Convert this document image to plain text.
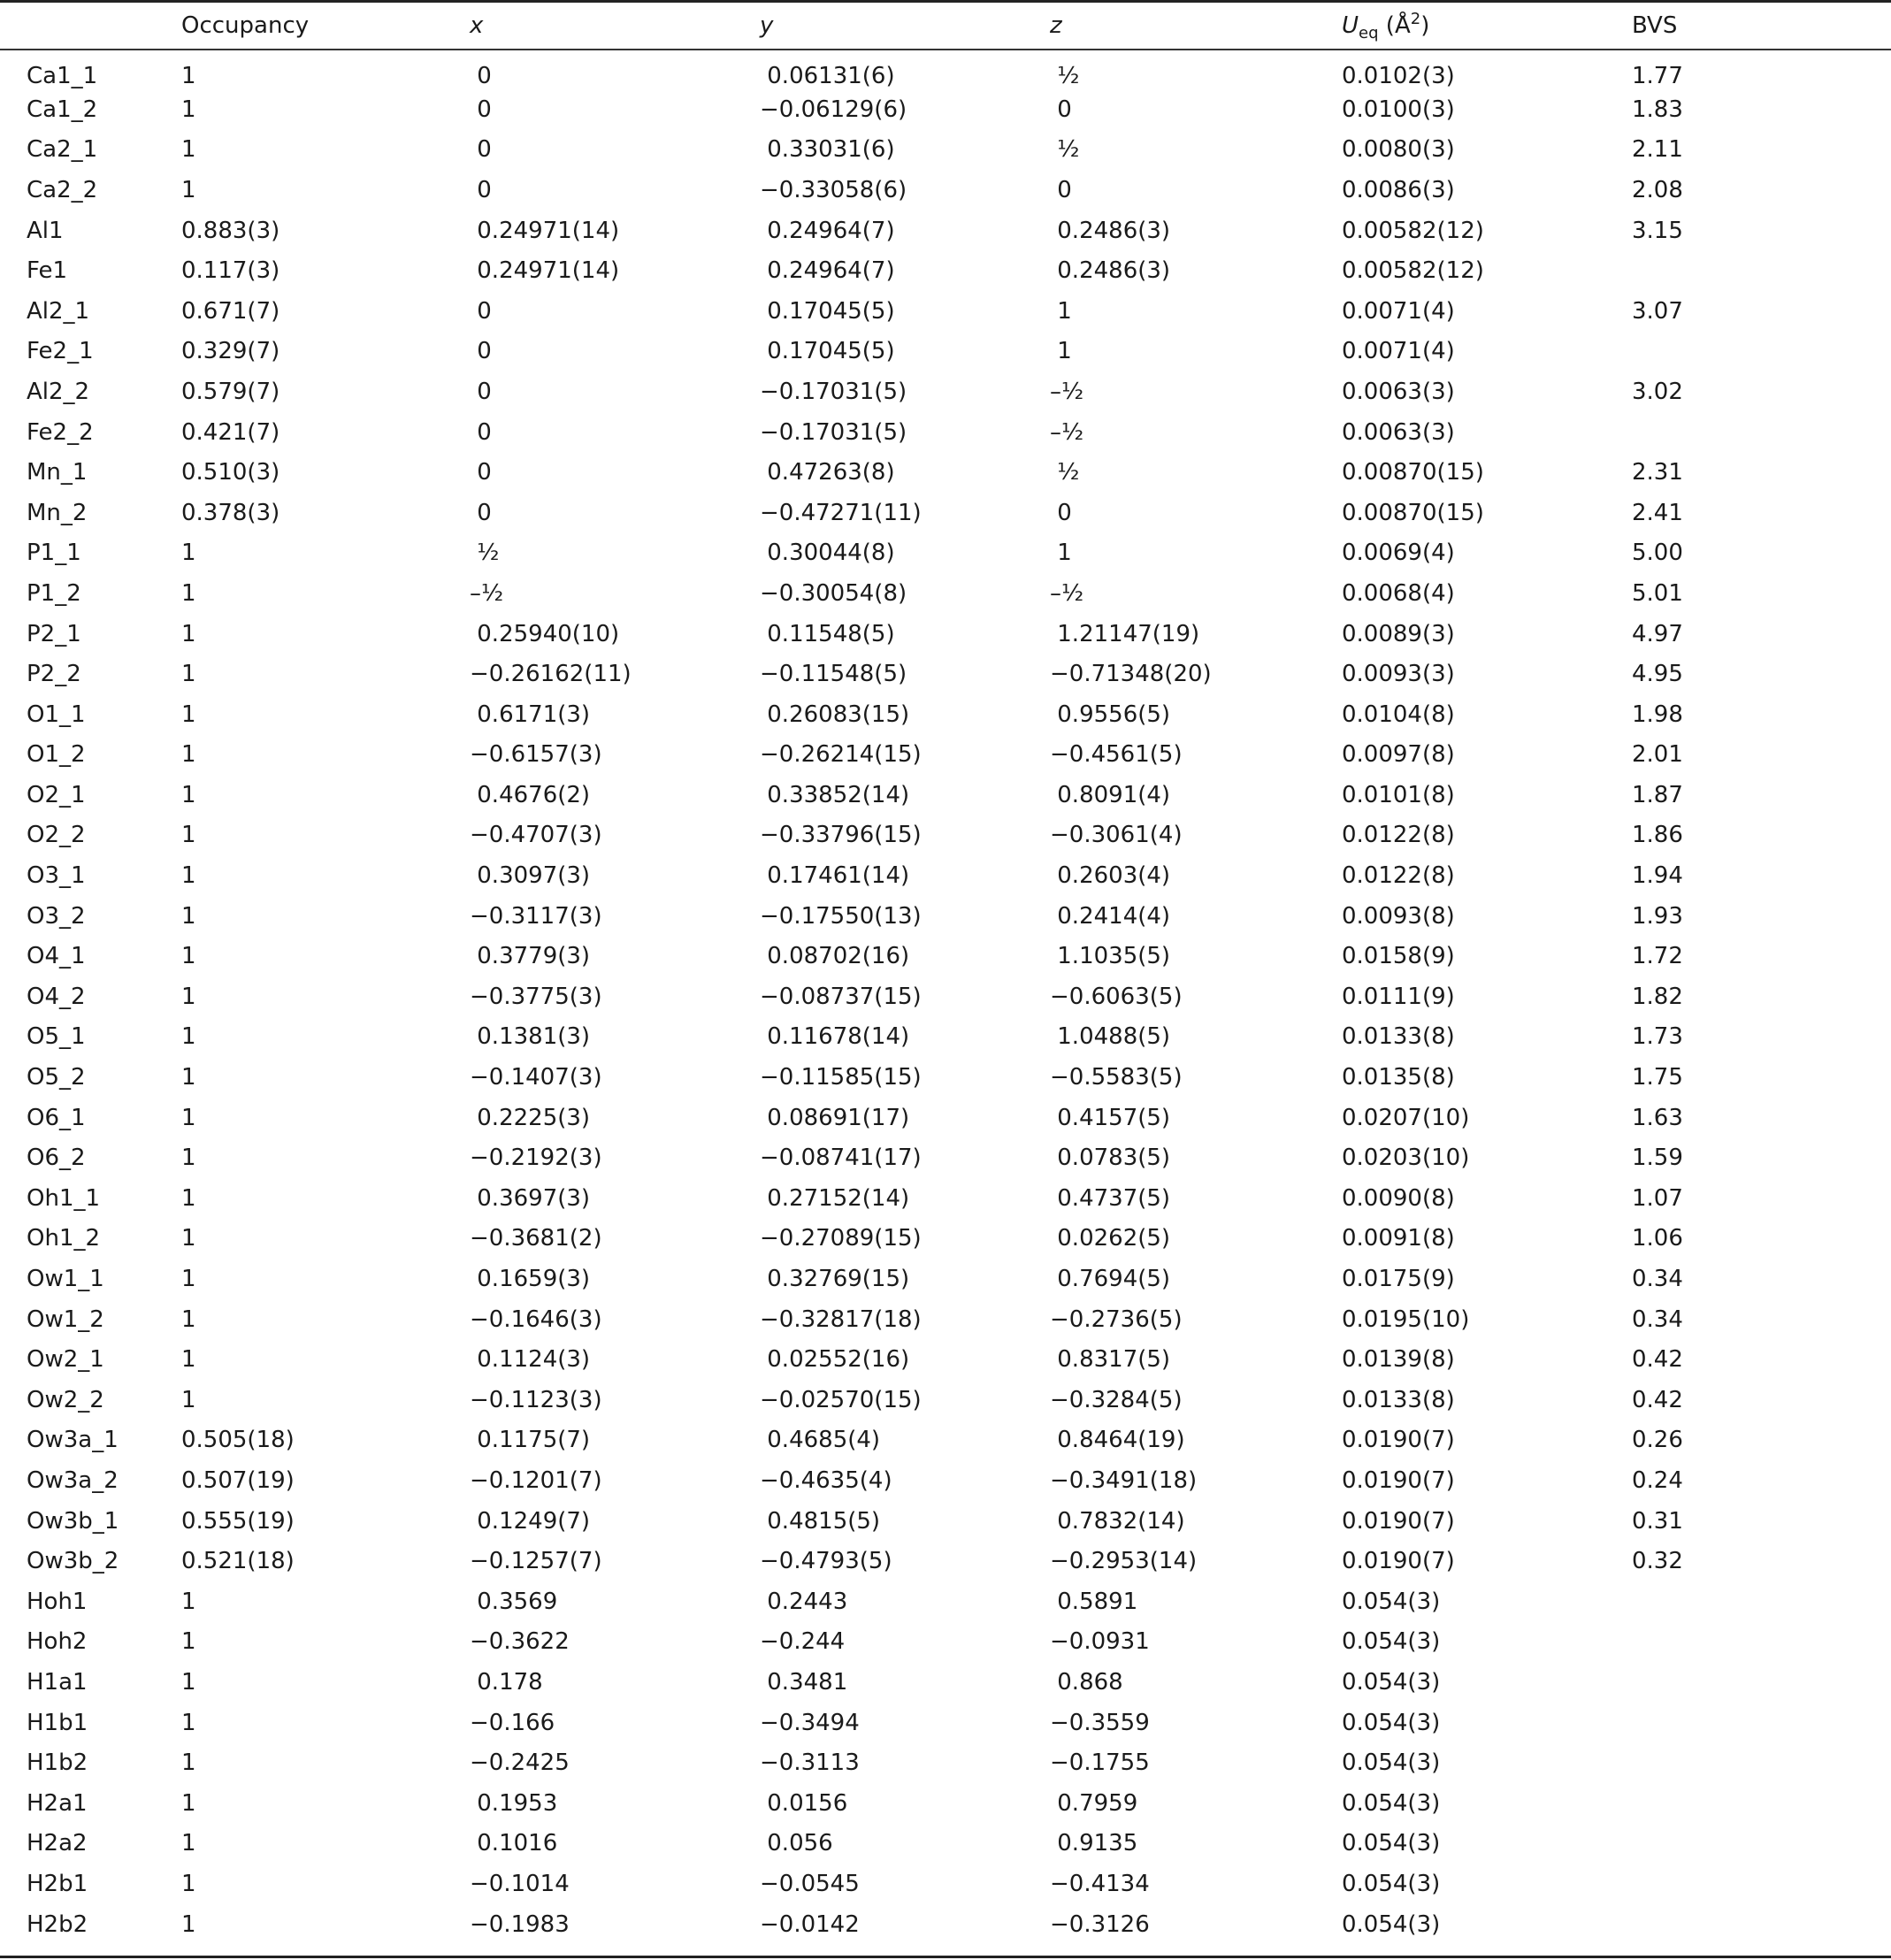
	Occupancy	x	y	z	$U_{eq}$ $(Å^2)$	BVS
Ca1_1	1	0	0.06131(6)	½	0.0102(3)	1.77
Ca1_2	1	0	−0.06129(6)	0	0.0100(3)	1.83
Ca2_1	1	0	0.33031(6)	½	0.0080(3)	2.11
Ca2_2	1	0	−0.33058(6)	0	0.0086(3)	2.08
Al1	0.883(3)	0.24971(14)	0.24964(7)	0.2486(3)	0.00582(12)	3.15
Fe1	0.117(3)	0.24971(14)	0.24964(7)	0.2486(3)	0.00582(12)	
Al2_1	0.671(7)	0	0.17045(5)	1	0.0071(4)	3.07
Fe2_1	0.329(7)	0	0.17045(5)	1	0.0071(4)	
Al2_2	0.579(7)	0	−0.17031(5)	–½	0.0063(3)	3.02
Fe2_2	0.421(7)	0	−0.17031(5)	–½	0.0063(3)	
Mn_1	0.510(3)	0	0.47263(8)	½	0.00870(15)	2.31
Mn_2	0.378(3)	0	−0.47271(11)	0	0.00870(15)	2.41
P1_1	1	½	0.30044(8)	1	0.0069(4)	5.00
P1_2	1	–½	−0.30054(8)	–½	0.0068(4)	5.01
P2_1	1	0.25940(10)	0.11548(5)	1.21147(19)	0.0089(3)	4.97
P2_2	1	−0.26162(11)	−0.11548(5)	−0.71348(20)	0.0093(3)	4.95
O1_1	1	0.6171(3)	0.26083(15)	0.9556(5)	0.0104(8)	1.98
O1_2	1	−0.6157(3)	−0.26214(15)	−0.4561(5)	0.0097(8)	2.01
O2_1	1	0.4676(2)	0.33852(14)	0.8091(4)	0.0101(8)	1.87
O2_2	1	−0.4707(3)	−0.33796(15)	−0.3061(4)	0.0122(8)	1.86
O3_1	1	0.3097(3)	0.17461(14)	0.2603(4)	0.0122(8)	1.94
O3_2	1	−0.3117(3)	−0.17550(13)	0.2414(4)	0.0093(8)	1.93
O4_1	1	0.3779(3)	0.08702(16)	1.1035(5)	0.0158(9)	1.72
O4_2	1	−0.3775(3)	−0.08737(15)	−0.6063(5)	0.0111(9)	1.82
O5_1	1	0.1381(3)	0.11678(14)	1.0488(5)	0.0133(8)	1.73
O5_2	1	−0.1407(3)	−0.11585(15)	−0.5583(5)	0.0135(8)	1.75
O6_1	1	0.2225(3)	0.08691(17)	0.4157(5)	0.0207(10)	1.63
O6_2	1	−0.2192(3)	−0.08741(17)	0.0783(5)	0.0203(10)	1.59
Oh1_1	1	0.3697(3)	0.27152(14)	0.4737(5)	0.0090(8)	1.07
Oh1_2	1	−0.3681(2)	−0.27089(15)	0.0262(5)	0.0091(8)	1.06
Ow1_1	1	0.1659(3)	0.32769(15)	0.7694(5)	0.0175(9)	0.34
Ow1_2	1	−0.1646(3)	−0.32817(18)	−0.2736(5)	0.0195(10)	0.34
Ow2_1	1	0.1124(3)	0.02552(16)	0.8317(5)	0.0139(8)	0.42
Ow2_2	1	−0.1123(3)	−0.02570(15)	−0.3284(5)	0.0133(8)	0.42
Ow3a_1	0.505(18)	0.1175(7)	0.4685(4)	0.8464(19)	0.0190(7)	0.26
Ow3a_2	0.507(19)	−0.1201(7)	−0.4635(4)	−0.3491(18)	0.0190(7)	0.24
Ow3b_1	0.555(19)	0.1249(7)	0.4815(5)	0.7832(14)	0.0190(7)	0.31
Ow3b_2	0.521(18)	−0.1257(7)	−0.4793(5)	−0.2953(14)	0.0190(7)	0.32
Hoh1	1	0.3569	0.2443	0.5891	0.054(3)	
Hoh2	1	−0.3622	−0.244	−0.0931	0.054(3)	
H1a1	1	0.178	0.3481	0.868	0.054(3)	
H1b1	1	−0.166	−0.3494	−0.3559	0.054(3)	
H1b2	1	−0.2425	−0.3113	−0.1755	0.054(3)	
H2a1	1	0.1953	0.0156	0.7959	0.054(3)	
H2a2	1	0.1016	0.056	0.9135	0.054(3)	
H2b1	1	−0.1014	−0.0545	−0.4134	0.054(3)	
H2b2	1	−0.1983	−0.0142	−0.3126	0.054(3)	
